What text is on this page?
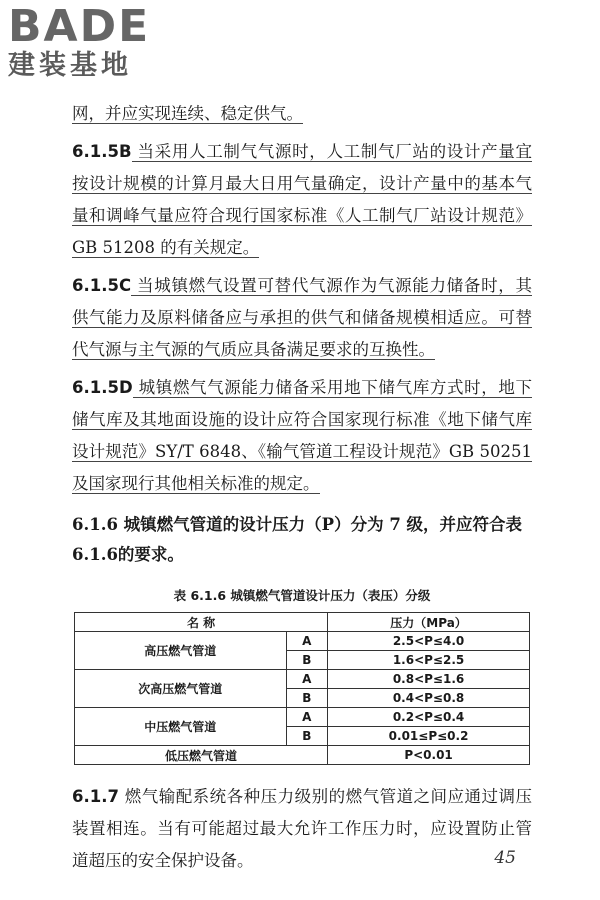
BADE
建装基地

网，并应实现连续、稳定供气。

6.1.5B 当采用人工制气气源时，人工制气厂站的设计产量宜按设计规模的计算月最大日用气量确定，设计产量中的基本气量和调峰气量应符合现行国家标准《人工制气厂站设计规范》GB 51208 的有关规定。

6.1.5C 当城镇燃气设置可替代气源作为气源能力储备时，其供气能力及原料储备应与承担的供气和储备规模相适应。可替代气源与主气源的气质应具备满足要求的互换性。

6.1.5D 城镇燃气气源能力储备采用地下储气库方式时，地下储气库及其地面设施的设计应符合国家现行标准《地下储气库设计规范》SY/T 6848、《输气管道工程设计规范》GB 50251 及国家现行其他相关标准的规定。

6.1.6 城镇燃气管道的设计压力（P）分为 7 级，并应符合表 6.1.6的要求。

表 6.1.6 城镇燃气管道设计压力（表压）分级
名 称		压力（MPa）
高压燃气管道	A	2.5<P≤4.0
	B	1.6<P≤2.5
次高压燃气管道	A	0.8<P≤1.6
	B	0.4<P≤0.8
中压燃气管道	A	0.2<P≤0.4
	B	0.01≤P≤0.2
低压燃气管道		P<0.01

6.1.7 燃气输配系统各种压力级别的燃气管道之间应通过调压装置相连。当有可能超过最大允许工作压力时，应设置防止管道超压的安全保护设备。	45
